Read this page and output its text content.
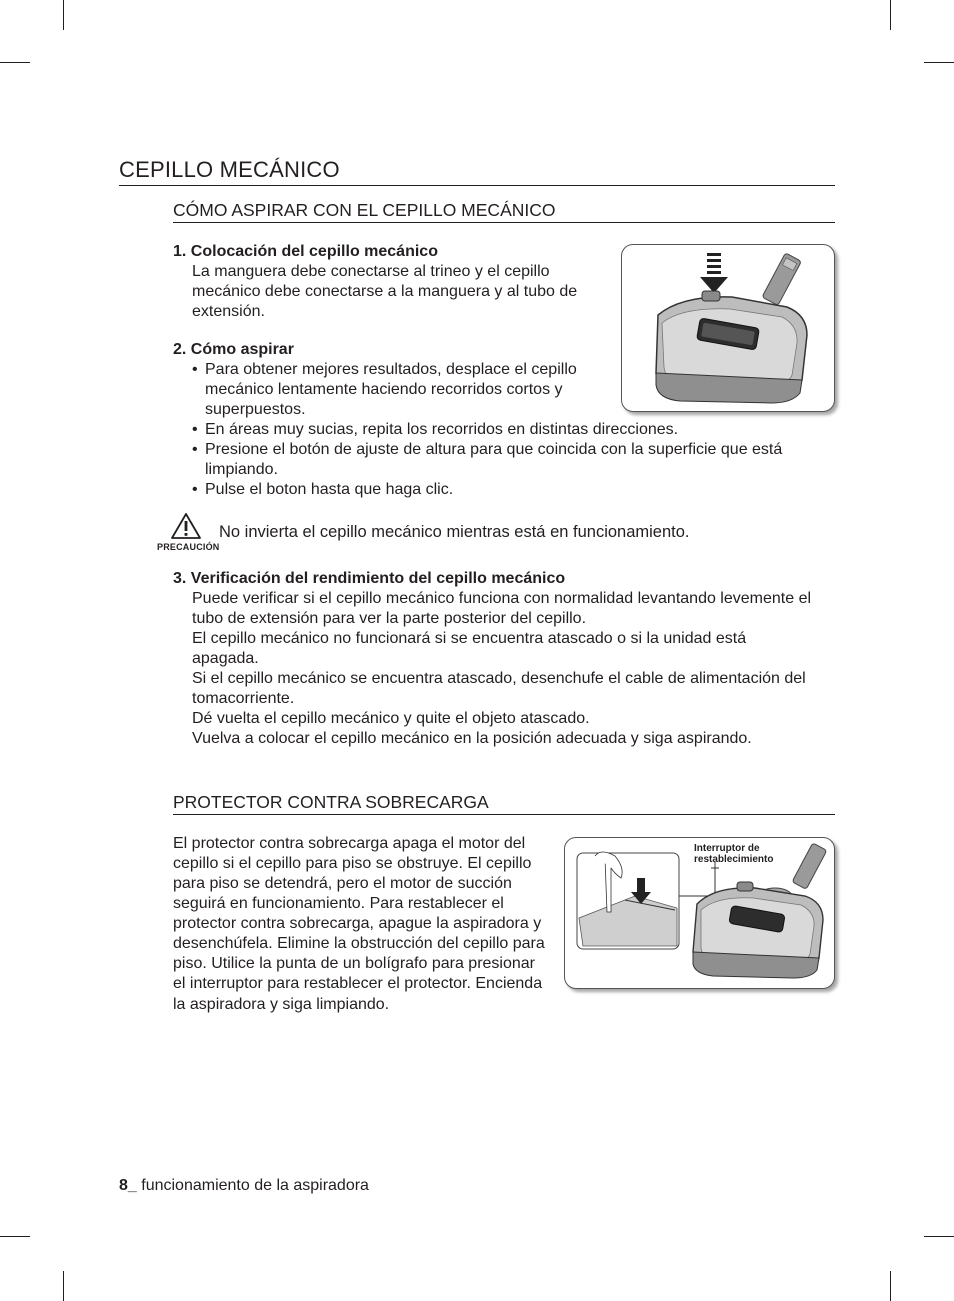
CEPILLO MECÁNICO
CÓMO ASPIRAR CON EL CEPILLO MECÁNICO
1. Colocación del cepillo mecánico
La manguera debe conectarse al trineo y el cepillo
mecánico debe conectarse a la manguera y al tubo de
extensión.
2. Cómo aspirar
• Para obtener mejores resultados, desplace el cepillo
mecánico lentamente haciendo recorridos cortos y
superpuestos.
• En áreas muy sucias, repita los recorridos en distintas direcciones.
• Presione el botón de ajuste de altura para que coincida con la superficie que está
limpiando.
• Pulse el boton hasta que haga clic.
PRECAUCIÓN
No invierta el cepillo mecánico mientras está en funcionamiento.
3. Verificación del rendimiento del cepillo mecánico
Puede verificar si el cepillo mecánico funciona con normalidad levantando levemente el
tubo de extensión para ver la parte posterior del cepillo.
El cepillo mecánico no funcionará si se encuentra atascado o si la unidad está
apagada.
Si el cepillo mecánico se encuentra atascado, desenchufe el cable de alimentación del
tomacorriente.
Dé vuelta el cepillo mecánico y quite el objeto atascado.
Vuelva a colocar el cepillo mecánico en la posición adecuada y siga aspirando.
PROTECTOR CONTRA SOBRECARGA
El protector contra sobrecarga apaga el motor del
cepillo si el cepillo para piso se obstruye. El cepillo
para piso se detendrá, pero el motor de succión
seguirá en funcionamiento. Para restablecer el
protector contra sobrecarga, apague la aspiradora y
desenchúfela. Elimine la obstrucción del cepillo para
piso. Utilice la punta de un bolígrafo para presionar
el interruptor para restablecer el protector. Encienda
la aspiradora y siga limpiando.
Interruptor de
restablecimiento
8_ funcionamiento de la aspiradora
